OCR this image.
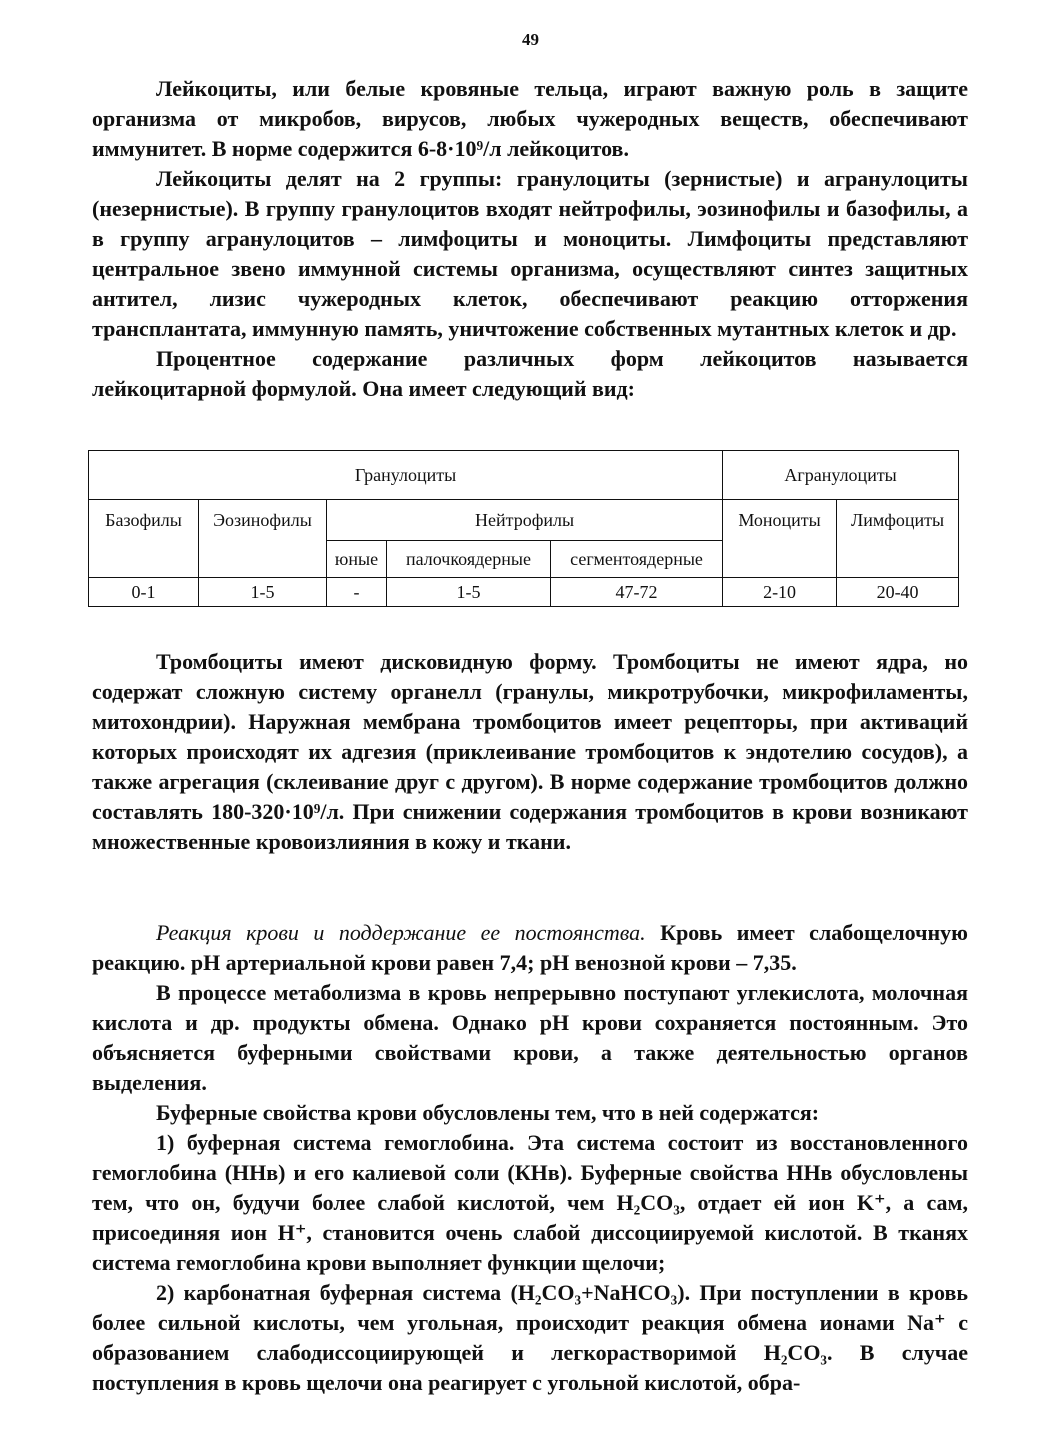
49

Лейкоциты, или белые кровяные тельца, играют важную роль в защите организма от микробов, вирусов, любых чужеродных веществ, обеспечивают иммунитет. В норме содержится 6-8·10⁹/л лейкоцитов.

Лейкоциты делят на 2 группы: гранулоциты (зернистые) и агранулоциты (незернистые). В группу гранулоцитов входят нейтрофилы, эозинофилы и базофилы, а в группу агранулоцитов – лимфоциты и моноциты. Лимфоциты представляют центральное звено иммунной системы организма, осуществляют синтез защитных антител, лизис чужеродных клеток, обеспечивают реакцию отторжения трансплантата, иммунную память, уничтожение собственных мутантных клеток и др.

Процентное содержание различных форм лейкоцитов называется лейкоцитарной формулой. Она имеет следующий вид:

Гранулоциты					Агранулоциты	
Базофилы	Эозинофилы	Нейтрофилы			Моноциты	Лимфоциты
		юные	палочкоядерные	сегментоядерные		
0-1	1-5	-	1-5	47-72	2-10	20-40

Тромбоциты имеют дисковидную форму. Тромбоциты не имеют ядра, но содержат сложную систему органелл (гранулы, микротрубочки, микрофиламенты, митохондрии). Наружная мембрана тромбоцитов имеет рецепторы, при активаций которых происходят их адгезия (приклеивание тромбоцитов к эндотелию сосудов), а также агрегация (склеивание друг с другом). В норме содержание тромбоцитов должно составлять 180-320·10⁹/л. При снижении содержания тромбоцитов в крови возникают множественные кровоизлияния в кожу и ткани.

Реакция крови и поддержание ее постоянства. Кровь имеет слабощелочную реакцию. pH артериальной крови равен 7,4; pH венозной крови – 7,35.

В процессе метаболизма в кровь непрерывно поступают углекислота, молочная кислота и др. продукты обмена. Однако pH крови сохраняется постоянным. Это объясняется буферными свойствами крови, а также деятельностью органов выделения.

Буферные свойства крови обусловлены тем, что в ней содержатся:

1) буферная система гемоглобина. Эта система состоит из восстановленного гемоглобина (ННв) и его калиевой соли (КНв). Буферные свойства ННв обусловлены тем, что он, будучи более слабой кислотой, чем H₂CO₃, отдает ей ион K⁺, а сам, присоединяя ион H⁺, становится очень слабой диссоциируемой кислотой. В тканях система гемоглобина крови выполняет функции щелочи;

2) карбонатная буферная система (H₂CO₃+NaHCO₃). При поступлении в кровь более сильной кислоты, чем угольная, происходит реакция обмена ионами Na⁺ с образованием слабодиссоциирующей и легкорастворимой H₂CO₃. В случае поступления в кровь щелочи она реагирует с угольной кислотой, обра-
